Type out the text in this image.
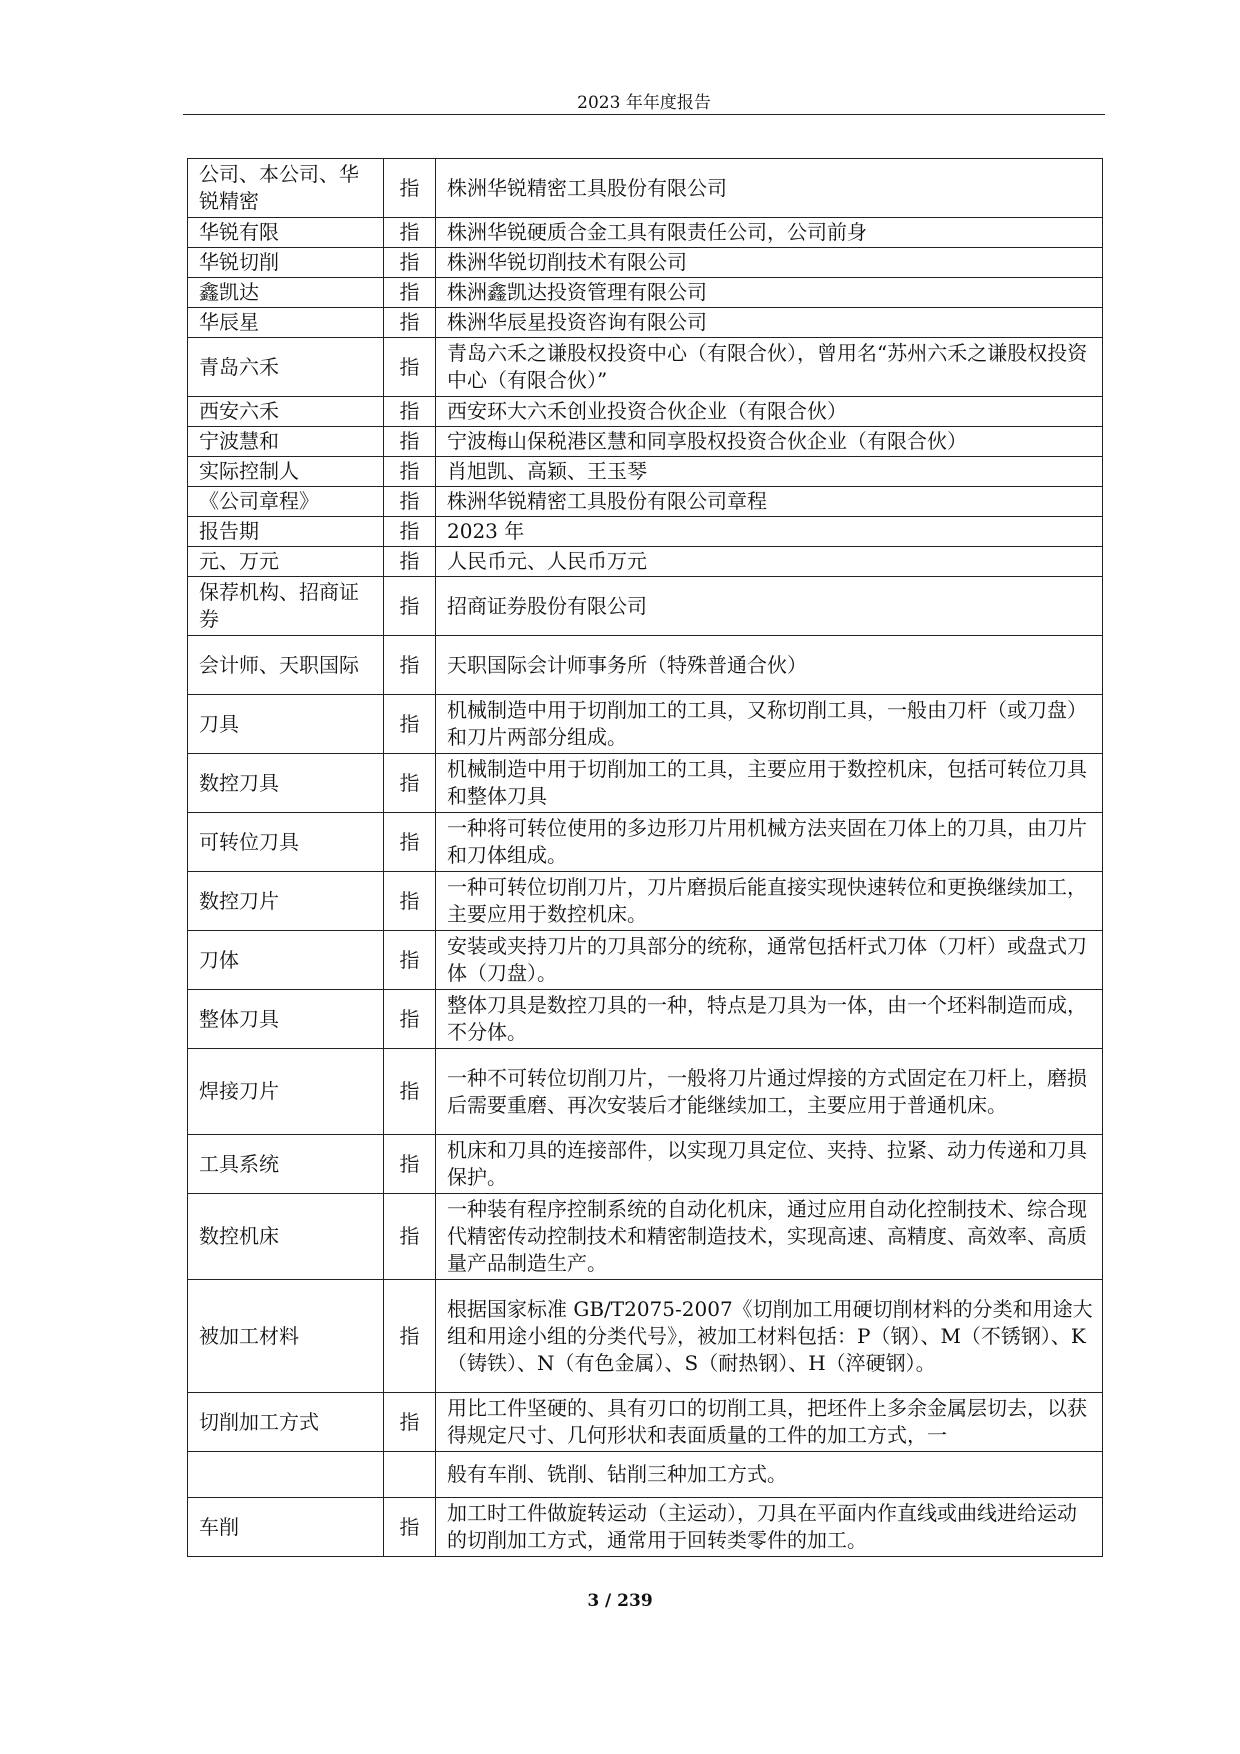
2023 年年度报告
公司、本公司、华锐精密	指	株洲华锐精密工具股份有限公司
华锐有限	指	株洲华锐硬质合金工具有限责任公司，公司前身
华锐切削	指	株洲华锐切削技术有限公司
鑫凯达	指	株洲鑫凯达投资管理有限公司
华辰星	指	株洲华辰星投资咨询有限公司
青岛六禾	指	青岛六禾之谦股权投资中心（有限合伙），曾用名“苏州六禾之谦股权投资中心（有限合伙）”
西安六禾	指	西安环大六禾创业投资合伙企业（有限合伙）
宁波慧和	指	宁波梅山保税港区慧和同享股权投资合伙企业（有限合伙）
实际控制人	指	肖旭凯、高颖、王玉琴
《公司章程》	指	株洲华锐精密工具股份有限公司章程
报告期	指	2023 年
元、万元	指	人民币元、人民币万元
保荐机构、招商证券	指	招商证券股份有限公司
会计师、天职国际	指	天职国际会计师事务所（特殊普通合伙）
刀具	指	机械制造中用于切削加工的工具，又称切削工具，一般由刀杆（或刀盘）和刀片两部分组成。
数控刀具	指	机械制造中用于切削加工的工具，主要应用于数控机床，包括可转位刀具和整体刀具
可转位刀具	指	一种将可转位使用的多边形刀片用机械方法夹固在刀体上的刀具，由刀片和刀体组成。
数控刀片	指	一种可转位切削刀片，刀片磨损后能直接实现快速转位和更换继续加工，主要应用于数控机床。
刀体	指	安装或夹持刀片的刀具部分的统称，通常包括杆式刀体（刀杆）或盘式刀体（刀盘）。
整体刀具	指	整体刀具是数控刀具的一种，特点是刀具为一体，由一个坯料制造而成，不分体。
焊接刀片	指	一种不可转位切削刀片，一般将刀片通过焊接的方式固定在刀杆上，磨损后需要重磨、再次安装后才能继续加工，主要应用于普通机床。
工具系统	指	机床和刀具的连接部件，以实现刀具定位、夹持、拉紧、动力传递和刀具保护。
数控机床	指	一种装有程序控制系统的自动化机床，通过应用自动化控制技术、综合现代精密传动控制技术和精密制造技术，实现高速、高精度、高效率、高质量产品制造生产。
被加工材料	指	根据国家标准 GB/T2075-2007《切削加工用硬切削材料的分类和用途大组和用途小组的分类代号》，被加工材料包括：P（钢）、M（不锈钢）、K（铸铁）、N（有色金属）、S（耐热钢）、H（淬硬钢）。
切削加工方式	指	用比工件坚硬的、具有刃口的切削工具，把坯件上多余金属层切去，以获得规定尺寸、几何形状和表面质量的工件的加工方式，一
		般有车削、铣削、钻削三种加工方式。
车削	指	加工时工件做旋转运动（主运动），刀具在平面内作直线或曲线进给运动的切削加工方式，通常用于回转类零件的加工。
3 / 239
